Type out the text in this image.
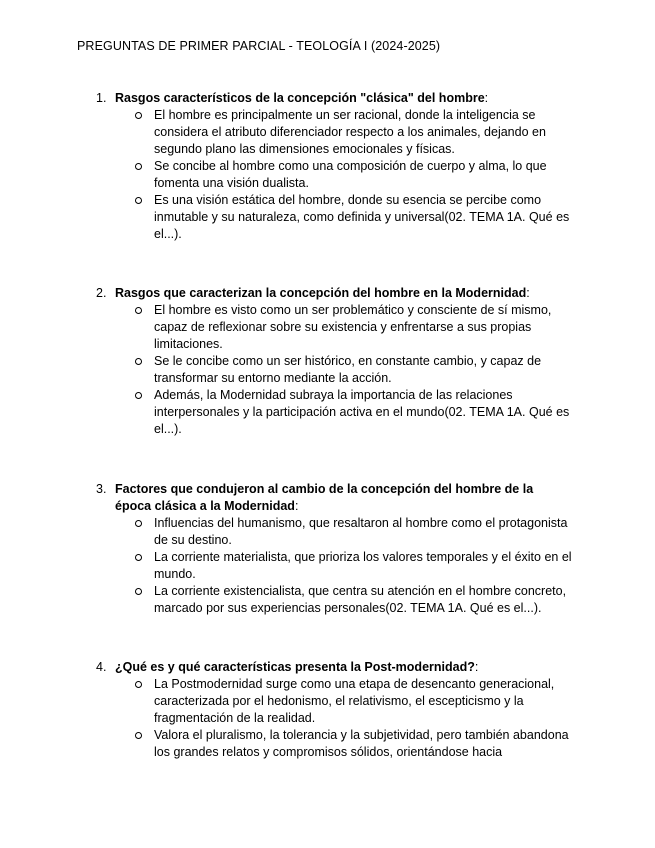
PREGUNTAS DE PRIMER PARCIAL - TEOLOGÍA I (2024-2025)
1. Rasgos característicos de la concepción "clásica" del hombre:
El hombre es principalmente un ser racional, donde la inteligencia se considera el atributo diferenciador respecto a los animales, dejando en segundo plano las dimensiones emocionales y físicas.
Se concibe al hombre como una composición de cuerpo y alma, lo que fomenta una visión dualista.
Es una visión estática del hombre, donde su esencia se percibe como inmutable y su naturaleza, como definida y universal(02. TEMA 1A. Qué es el...).
2. Rasgos que caracterizan la concepción del hombre en la Modernidad:
El hombre es visto como un ser problemático y consciente de sí mismo, capaz de reflexionar sobre su existencia y enfrentarse a sus propias limitaciones.
Se le concibe como un ser histórico, en constante cambio, y capaz de transformar su entorno mediante la acción.
Además, la Modernidad subraya la importancia de las relaciones interpersonales y la participación activa en el mundo(02. TEMA 1A. Qué es el...).
3. Factores que condujeron al cambio de la concepción del hombre de la época clásica a la Modernidad:
Influencias del humanismo, que resaltaron al hombre como el protagonista de su destino.
La corriente materialista, que prioriza los valores temporales y el éxito en el mundo.
La corriente existencialista, que centra su atención en el hombre concreto, marcado por sus experiencias personales(02. TEMA 1A. Qué es el...).
4. ¿Qué es y qué características presenta la Post-modernidad?:
La Postmodernidad surge como una etapa de desencanto generacional, caracterizada por el hedonismo, el relativismo, el escepticismo y la fragmentación de la realidad.
Valora el pluralismo, la tolerancia y la subjetividad, pero también abandona los grandes relatos y compromisos sólidos, orientándose hacia
